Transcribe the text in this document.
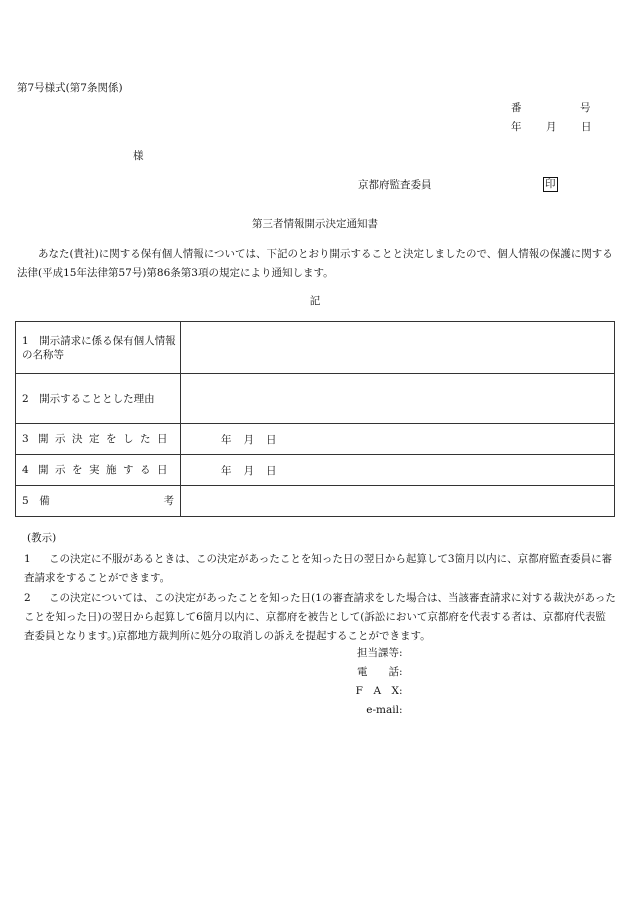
第7号様式(第7条関係)
番	号
年 月 日
様
京都府監査委員	印
第三者情報開示決定通知書
あなた(貴社)に関する保有個人情報については、下記のとおり開示することと決定しましたので、個人情報の保護に関する法律(平成15年法律第57号)第86条第3項の規定により通知します。
記
1　 開示請求に係る保有個人情報の名称等	
2　 開示することとした理由	

3 開示決定をした日	年 月 日

4 開示を実施する日	年 月 日

5　 備 考	

(教示)
1 この決定に不服があるときは、この決定があったことを知った日の翌日から起算して3箇月以内に、京都府監査委員に審査請求をすることができます。
2 この決定については、この決定があったことを知った日(1の審査請求をした場合は、当該審査請求に対する裁決があったことを知った日)の翌日から起算して6箇月以内に、京都府を被告として(訴訟において京都府を代表する者は、京都府代表監査委員となります。)京都地方裁判所に処分の取消しの訴えを提起することができます。
担当課等 :
電　　話 :
F　A　X :
e-mail :
